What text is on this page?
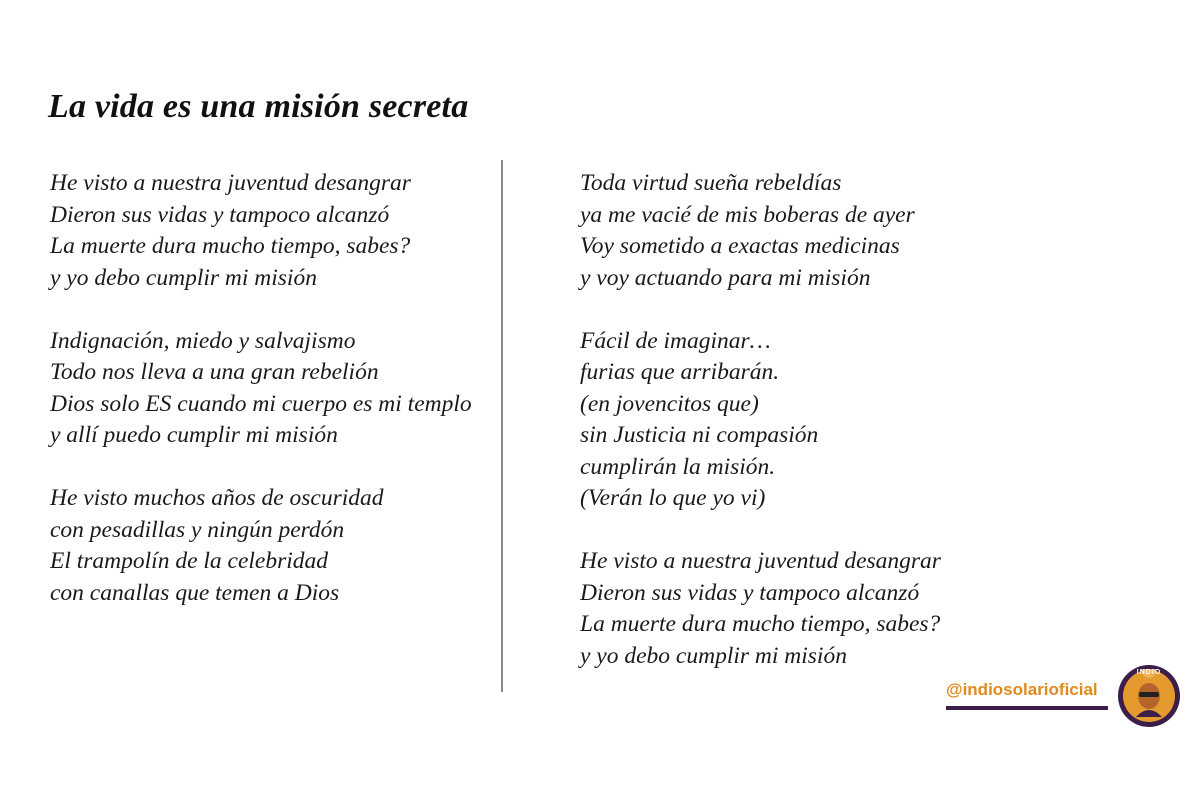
La vida es una misión secreta
He visto a nuestra juventud desangrar
Dieron sus vidas y tampoco alcanzó
La muerte dura mucho tiempo, sabes?
y yo debo cumplir mi misión
Indignación, miedo y salvajismo
Todo nos lleva a una gran rebelión
Dios solo ES cuando mi cuerpo es mi templo
y allí puedo cumplir mi misión
He visto muchos años de oscuridad
con pesadillas y ningún perdón
El trampolín de la celebridad
con canallas que temen a Dios
Toda virtud sueña rebeldías
ya me vacié de mis boberas de ayer
Voy sometido a exactas medicinas
y voy actuando para mi misión
Fácil de imaginar…
furias que arribarán.
(en jovencitos que)
sin Justicia ni compasión
cumplirán la misión.
(Verán lo que yo vi)
He visto a nuestra juventud desangrar
Dieron sus vidas y tampoco alcanzó
La muerte dura mucho tiempo, sabes?
y yo debo cumplir mi misión
@indiosolarioficial
INDIO
